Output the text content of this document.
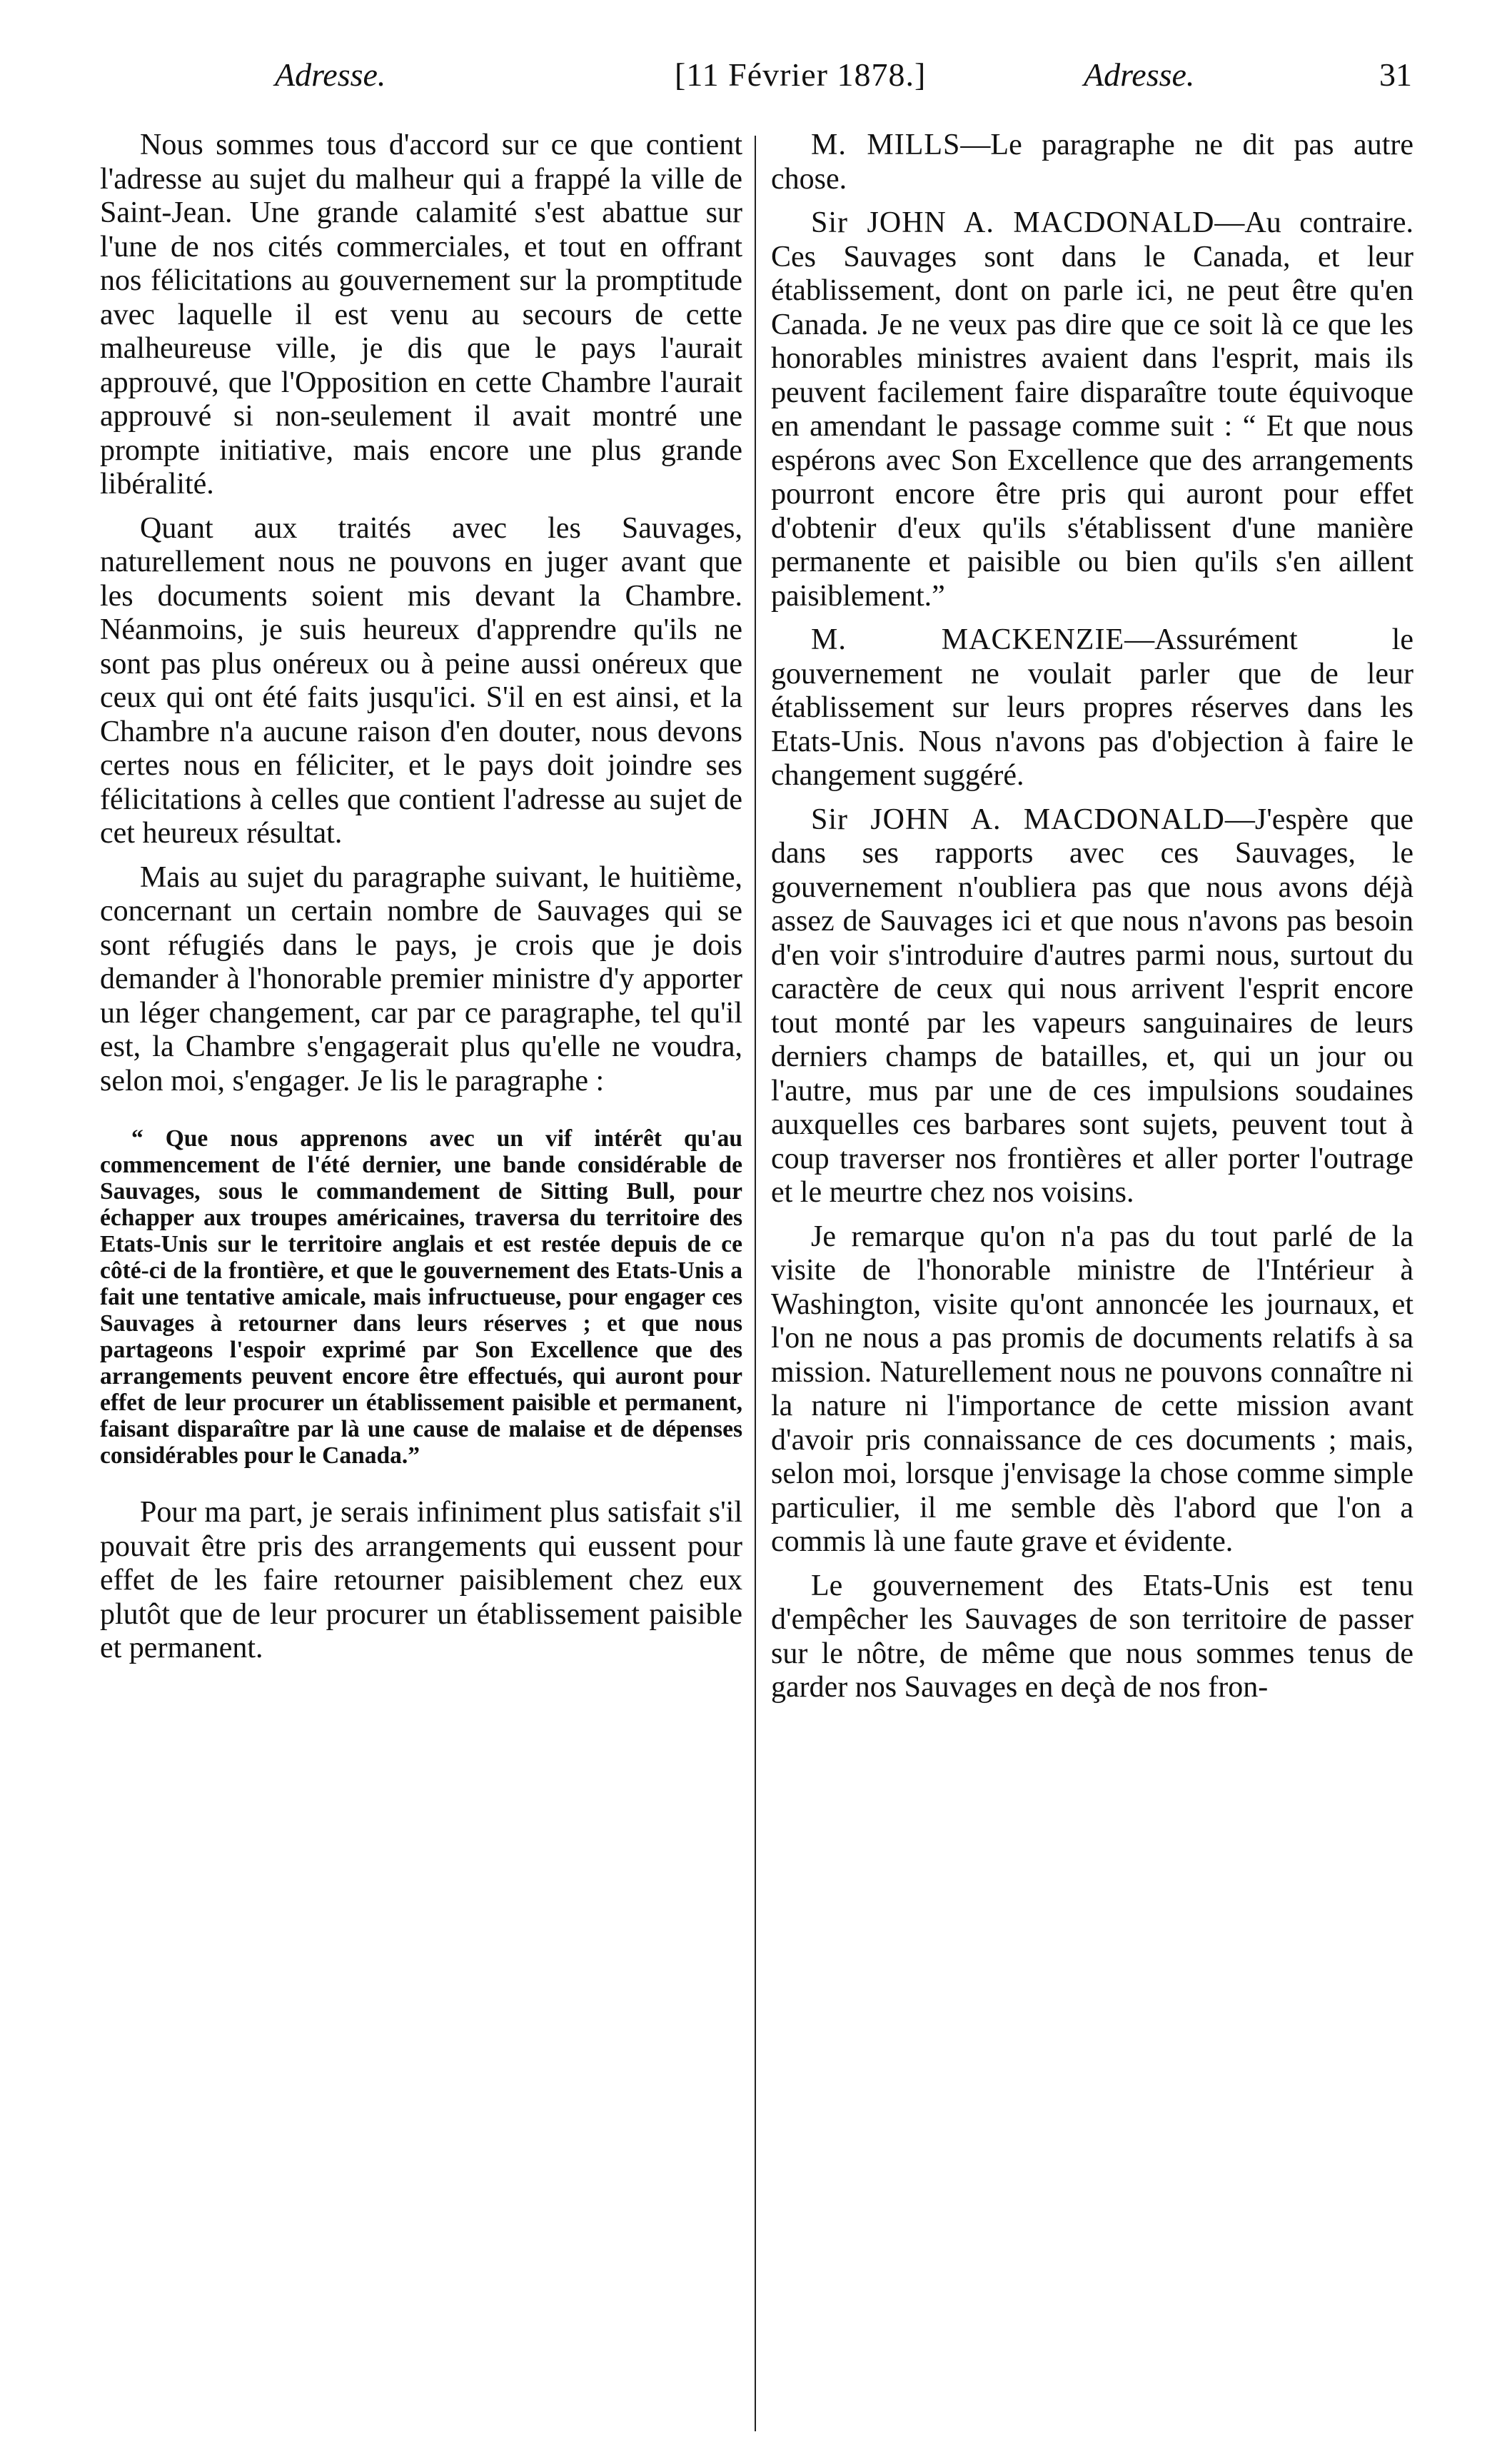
Adresse.	[11 Février 1878.]	Adresse.	31

Nous sommes tous d'accord sur ce que contient l'adresse au sujet du malheur qui a frappé la ville de Saint-Jean. Une grande calamité s'est abattue sur l'une de nos cités commerciales, et tout en offrant nos félicitations au gouvernement sur la promptitude avec laquelle il est venu au secours de cette malheureuse ville, je dis que le pays l'aurait approuvé, que l'Opposition en cette Chambre l'aurait approuvé si non-seulement il avait montré une prompte initiative, mais encore une plus grande libéralité.

Quant aux traités avec les Sauvages, naturellement nous ne pouvons en juger avant que les documents soient mis devant la Chambre. Néanmoins, je suis heureux d'apprendre qu'ils ne sont pas plus onéreux ou à peine aussi onéreux que ceux qui ont été faits jusqu'ici. S'il en est ainsi, et la Chambre n'a aucune raison d'en douter, nous devons certes nous en féliciter, et le pays doit joindre ses félicitations à celles que contient l'adresse au sujet de cet heureux résultat.

Mais au sujet du paragraphe suivant, le huitième, concernant un certain nombre de Sauvages qui se sont réfugiés dans le pays, je crois que je dois demander à l'honorable premier ministre d'y apporter un léger changement, car par ce paragraphe, tel qu'il est, la Chambre s'engagerait plus qu'elle ne voudra, selon moi, s'engager. Je lis le paragraphe :

“ Que nous apprenons avec un vif intérêt qu'au commencement de l'été dernier, une bande considérable de Sauvages, sous le commandement de Sitting Bull, pour échapper aux troupes américaines, traversa du territoire des Etats-Unis sur le territoire anglais et est restée depuis de ce côté-ci de la frontière, et que le gouvernement des Etats-Unis a fait une tentative amicale, mais infructueuse, pour engager ces Sauvages à retourner dans leurs réserves ; et que nous partageons l'espoir exprimé par Son Excellence que des arrangements peuvent encore être effectués, qui auront pour effet de leur procurer un établissement paisible et permanent, faisant disparaître par là une cause de malaise et de dépenses considérables pour le Canada.”

Pour ma part, je serais infiniment plus satisfait s'il pouvait être pris des arrangements qui eussent pour effet de les faire retourner paisiblement chez eux plutôt que de leur procurer un établissement paisible et permanent.

M. MILLS—Le paragraphe ne dit pas autre chose.

Sir JOHN A. MACDONALD—Au contraire. Ces Sauvages sont dans le Canada, et leur établissement, dont on parle ici, ne peut être qu'en Canada. Je ne veux pas dire que ce soit là ce que les honorables ministres avaient dans l'esprit, mais ils peuvent facilement faire disparaître toute équivoque en amendant le passage comme suit : “ Et que nous espérons avec Son Excellence que des arrangements pourront encore être pris qui auront pour effet d'obtenir d'eux qu'ils s'établissent d'une manière permanente et paisible ou bien qu'ils s'en aillent paisiblement.”

M. MACKENZIE—Assurément le gouvernement ne voulait parler que de leur établissement sur leurs propres réserves dans les Etats-Unis. Nous n'avons pas d'objection à faire le changement suggéré.

Sir JOHN A. MACDONALD—J'espère que dans ses rapports avec ces Sauvages, le gouvernement n'oubliera pas que nous avons déjà assez de Sauvages ici et que nous n'avons pas besoin d'en voir s'introduire d'autres parmi nous, surtout du caractère de ceux qui nous arrivent l'esprit encore tout monté par les vapeurs sanguinaires de leurs derniers champs de batailles, et, qui un jour ou l'autre, mus par une de ces impulsions soudaines auxquelles ces barbares sont sujets, peuvent tout à coup traverser nos frontières et aller porter l'outrage et le meurtre chez nos voisins.

Je remarque qu'on n'a pas du tout parlé de la visite de l'honorable ministre de l'Intérieur à Washington, visite qu'ont annoncée les journaux, et l'on ne nous a pas promis de documents relatifs à sa mission. Naturellement nous ne pouvons connaître ni la nature ni l'importance de cette mission avant d'avoir pris connaissance de ces documents ; mais, selon moi, lorsque j'envisage la chose comme simple particulier, il me semble dès l'abord que l'on a commis là une faute grave et évidente.

Le gouvernement des Etats-Unis est tenu d'empêcher les Sauvages de son territoire de passer sur le nôtre, de même que nous sommes tenus de garder nos Sauvages en deçà de nos fron-
